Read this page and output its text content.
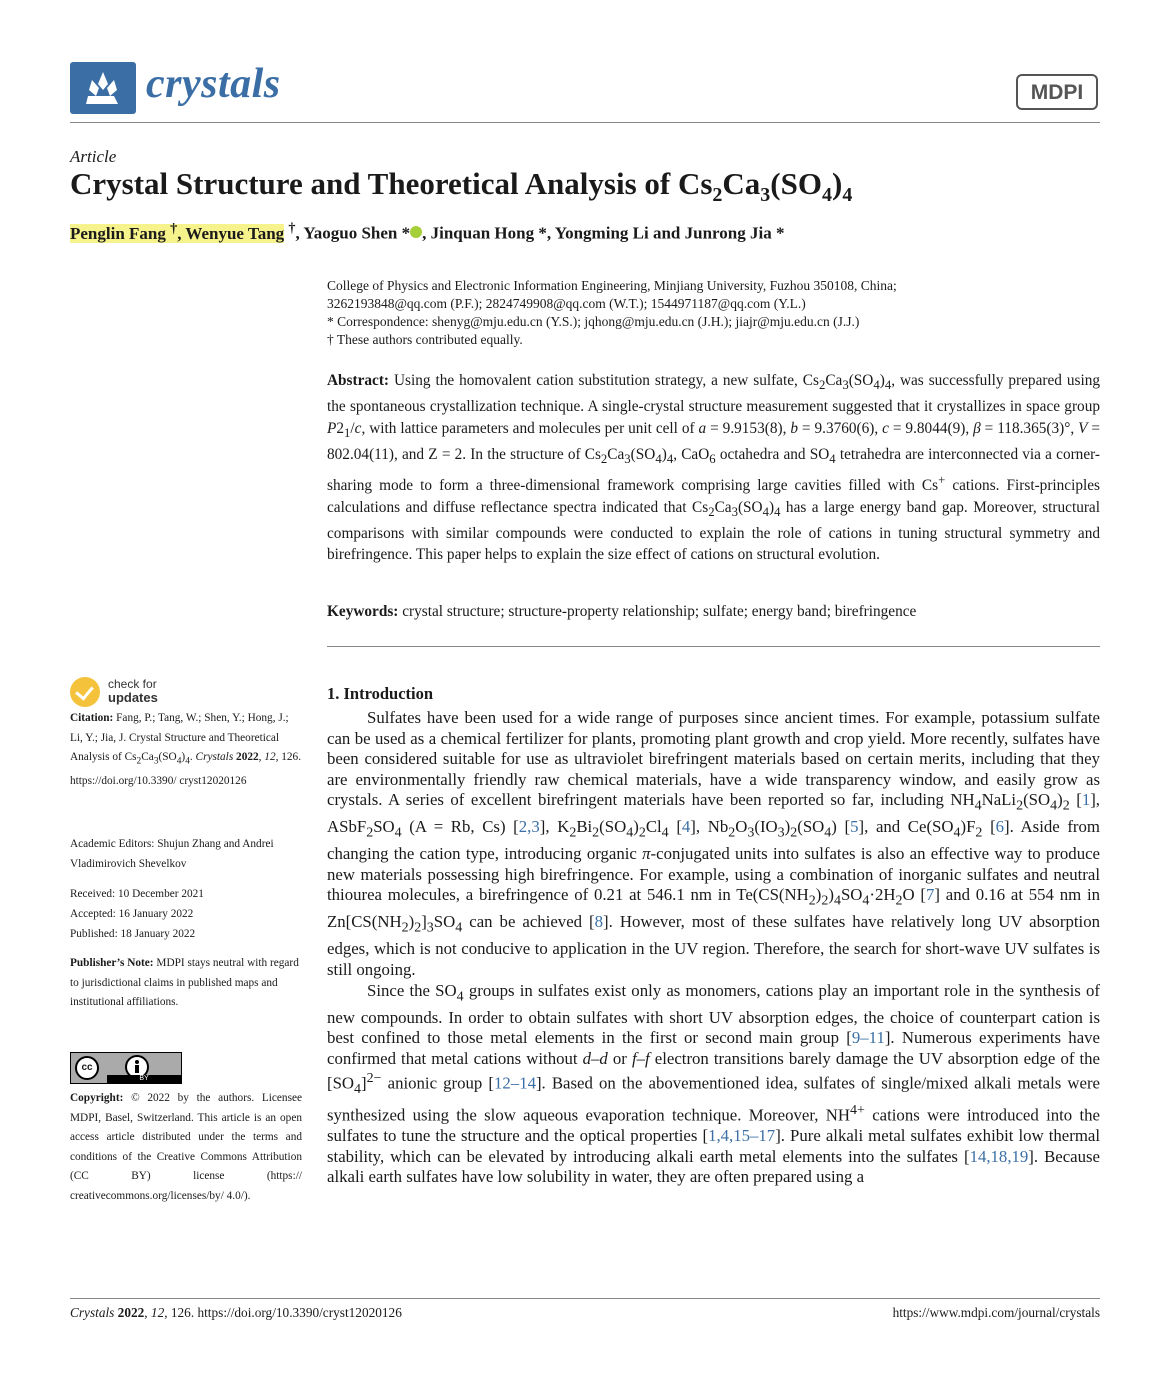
crystals	MDPI
Article
Crystal Structure and Theoretical Analysis of $Cs_2Ca_3(SO_4)_4$
Penglin Fang †, Wenyue Tang †, Yaoguo Shen * , Jinquan Hong *, Yongming Li and Junrong Jia *
College of Physics and Electronic Information Engineering, Minjiang University, Fuzhou 350108, China;
3262193848@qq.com (P.F.); 2824749908@qq.com (W.T.); 1544971187@qq.com (Y.L.)
* Correspondence: shenyg@mju.edu.cn (Y.S.); jqhong@mju.edu.cn (J.H.); jiajr@mju.edu.cn (J.J.)
† These authors contributed equally.
Abstract: Using the homovalent cation substitution strategy, a new sulfate, $Cs_2Ca_3(SO_4)_4$, was successfully prepared using the spontaneous crystallization technique. A single-crystal structure measurement suggested that it crystallizes in space group $P2_1/c$, with lattice parameters and molecules per unit cell of a = 9.9153(8), b = 9.3760(6), c = 9.8044(9), β = 118.365(3)°, V = 802.04(11), and Z = 2. In the structure of $Cs_2Ca_3(SO_4)_4$, CaO$_6$ octahedra and $SO_4$ tetrahedra are interconnected via a corner-sharing mode to form a three-dimensional framework comprising large cavities filled with Cs+ cations. First-principles calculations and diffuse reflectance spectra indicated that $Cs_2Ca_3(SO_4)_4$ has a large energy band gap. Moreover, structural comparisons with similar compounds were conducted to explain the role of cations in tuning structural symmetry and birefringence. This paper helps to explain the size effect of cations on structural evolution.
Keywords: crystal structure; structure-property relationship; sulfate; energy band; birefringence
check for
updates
Citation: Fang, P.; Tang, W.; Shen, Y.; Hong, J.; Li, Y.; Jia, J. Crystal Structure and Theoretical Analysis of $Cs_2Ca_3(SO_4)_4$. Crystals 2022, 12, 126. https://doi.org/10.3390/ cryst12020126
Academic Editors: Shujun Zhang and Andrei Vladimirovich Shevelkov
Received: 10 December 2021
Accepted: 16 January 2022
Published: 18 January 2022
Publisher’s Note: MDPI stays neutral with regard to jurisdictional claims in published maps and institutional affiliations.
cc
BY
Copyright: © 2022 by the authors. Licensee MDPI, Basel, Switzerland. This article is an open access article distributed under the terms and conditions of the Creative Commons Attribution (CC BY) license (https:// creativecommons.org/licenses/by/ 4.0/).
1. Introduction

Sulfates have been used for a wide range of purposes since ancient times. For example, potassium sulfate can be used as a chemical fertilizer for plants, promoting plant growth and crop yield. More recently, sulfates have been considered suitable for use as ultraviolet birefringent materials based on certain merits, including that they are environmentally friendly raw chemical materials, have a wide transparency window, and easily grow as crystals. A series of excellent birefringent materials have been reported so far, including $NH_4NaLi_2(SO_4)_2$ [1], $ASbF_2SO_4$ (A = Rb, Cs) [2,3], $K_2Bi_2(SO_4)_2Cl_4$ [4], $Nb_2O_3(IO_3)_2(SO_4)$ [5], and $Ce(SO_4)F_2$ [6]. Aside from changing the cation type, introducing organic π-conjugated units into sulfates is also an effective way to produce new materials possessing high birefringence. For example, using a combination of inorganic sulfates and neutral thiourea molecules, a birefringence of 0.21 at 546.1 nm in $Te(CS(NH_2)_2)_4SO_4\cdot 2H_2O$ [7] and 0.16 at 554 nm in $Zn[CS(NH_2)_2]_3SO_4$ can be achieved [8]. However, most of these sulfates have relatively long UV absorption edges, which is not conducive to application in the UV region. Therefore, the search for short-wave UV sulfates is still ongoing.

Since the $SO_4$ groups in sulfates exist only as monomers, cations play an important role in the synthesis of new compounds. In order to obtain sulfates with short UV absorption edges, the choice of counterpart cation is best confined to those metal elements in the first or second main group [9–11]. Numerous experiments have confirmed that metal cations without d–d or f–f electron transitions barely damage the UV absorption edge of the $[SO_4]^{2-}$ anionic group [12–14]. Based on the abovementioned idea, sulfates of single/mixed alkali metals were synthesized using the slow aqueous evaporation technique. Moreover, $NH^{4+}$ cations were introduced into the sulfates to tune the structure and the optical properties [1,4,15–17]. Pure alkali metal sulfates exhibit low thermal stability, which can be elevated by introducing alkali earth metal elements into the sulfates [14,18,19]. Because alkali earth sulfates have low solubility in water, they are often prepared using a

Crystals 2022, 12, 126. https://doi.org/10.3390/cryst12020126	https://www.mdpi.com/journal/crystals
